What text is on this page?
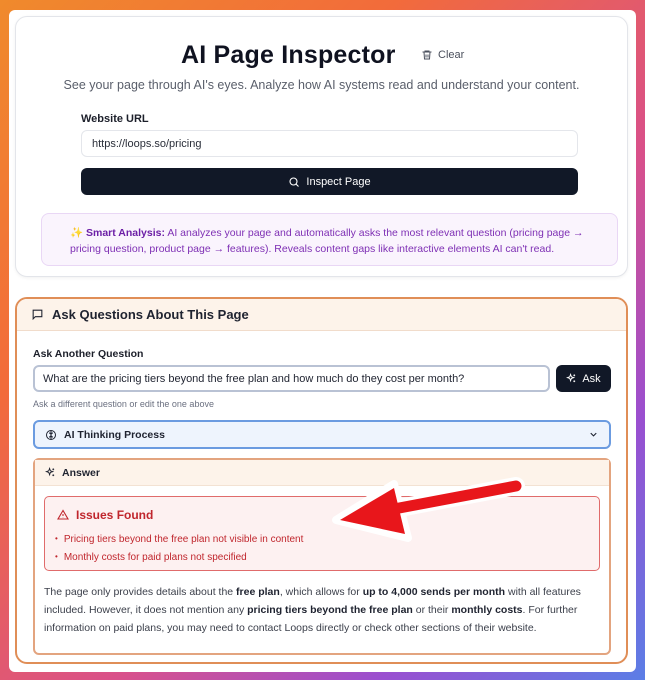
AI Page Inspector	Clear

See your page through AI's eyes. Analyze how AI systems read and understand your content.

Website URL
https://loops.so/pricing
Inspect Page
✨ Smart Analysis: AI analyzes your page and automatically asks the most relevant question (pricing page → pricing question, product page → features). Reveals content gaps like interactive elements AI can't read.
Ask Questions About This Page
Ask Another Question
What are the pricing tiers beyond the free plan and how much do they cost per month?
Ask

Ask a different question or edit the one above

AI Thinking Process
Answer
Issues Found
• Pricing tiers beyond the free plan not visible in content
• Monthly costs for paid plans not specified

The page only provides details about the free plan, which allows for up to 4,000 sends per month with all features included. However, it does not mention any pricing tiers beyond the free plan or their monthly costs. For further information on paid plans, you may need to contact Loops directly or check other sections of their website.
